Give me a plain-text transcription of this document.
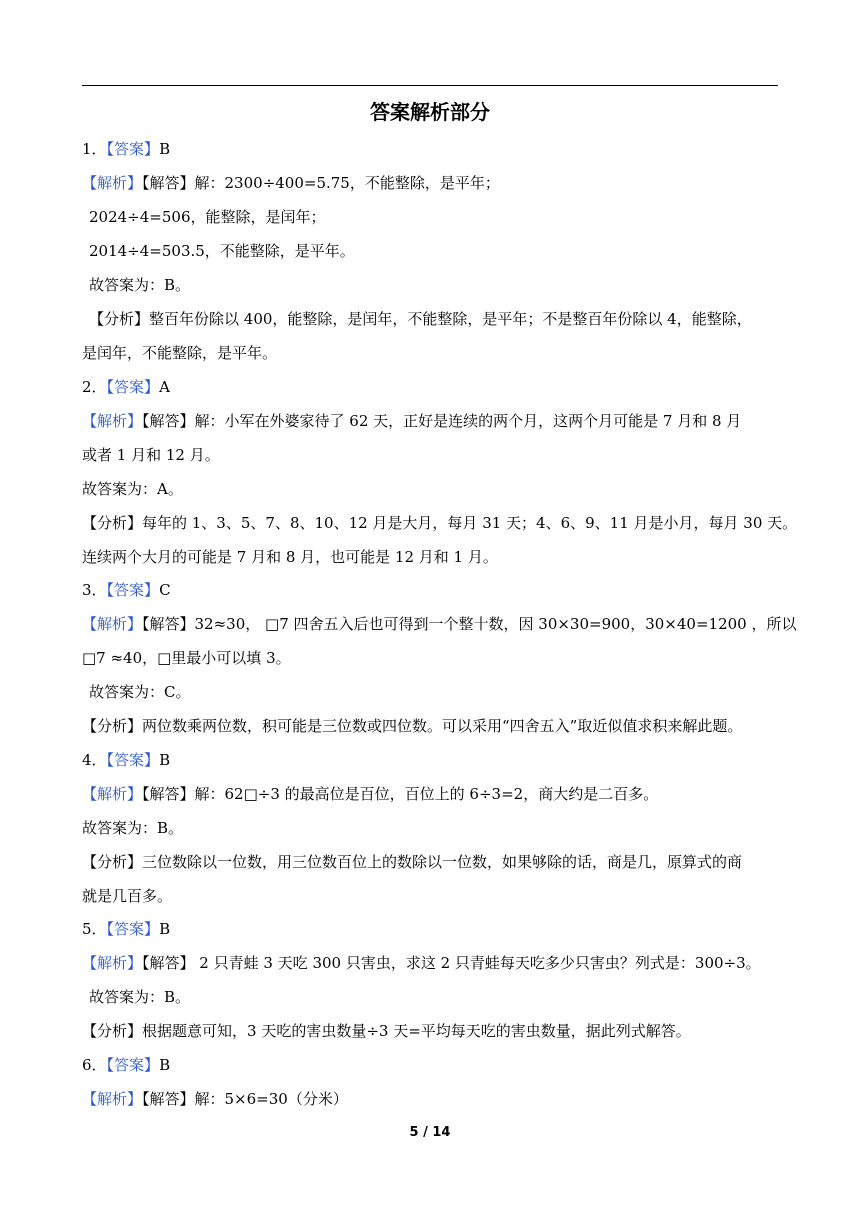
答案解析部分
1．【答案】B
【解析】【解答】解：2300÷400=5.75，不能整除，是平年；
2024÷4=506，能整除，是闰年；
2014÷4=503.5，不能整除，是平年。
故答案为：B。
【分析】整百年份除以 400，能整除，是闰年，不能整除，是平年；不是整百年份除以 4，能整除，
是闰年，不能整除，是平年。
2．【答案】A
【解析】【解答】解：小军在外婆家待了 62 天，正好是连续的两个月，这两个月可能是 7 月和 8 月
或者 1 月和 12 月。
故答案为：A。
【分析】每年的 1、3、5、7、8、10、12 月是大月，每月 31 天；4、6、9、11 月是小月，每月 30 天。
连续两个大月的可能是 7 月和 8 月，也可能是 12 月和 1 月。
3．【答案】C
【解析】【解答】32≈30， □7 四舍五入后也可得到一个整十数，因 30×30=900，30×40=1200 ，所以
□7 ≈40，□里最小可以填 3。
故答案为：C。
【分析】两位数乘两位数，积可能是三位数或四位数。可以采用“四舍五入”取近似值求积来解此题。
4．【答案】B
【解析】【解答】解：62□÷3 的最高位是百位，百位上的 6÷3=2，商大约是二百多。
故答案为：B。
【分析】三位数除以一位数，用三位数百位上的数除以一位数，如果够除的话，商是几，原算式的商
就是几百多。
5．【答案】B
【解析】【解答】 2 只青蛙 3 天吃 300 只害虫，求这 2 只青蛙每天吃多少只害虫？列式是：300÷3。
故答案为：B。
【分析】根据题意可知，3 天吃的害虫数量÷3 天=平均每天吃的害虫数量，据此列式解答。
6．【答案】B
【解析】【解答】解：5×6=30（分米）
5 / 14
